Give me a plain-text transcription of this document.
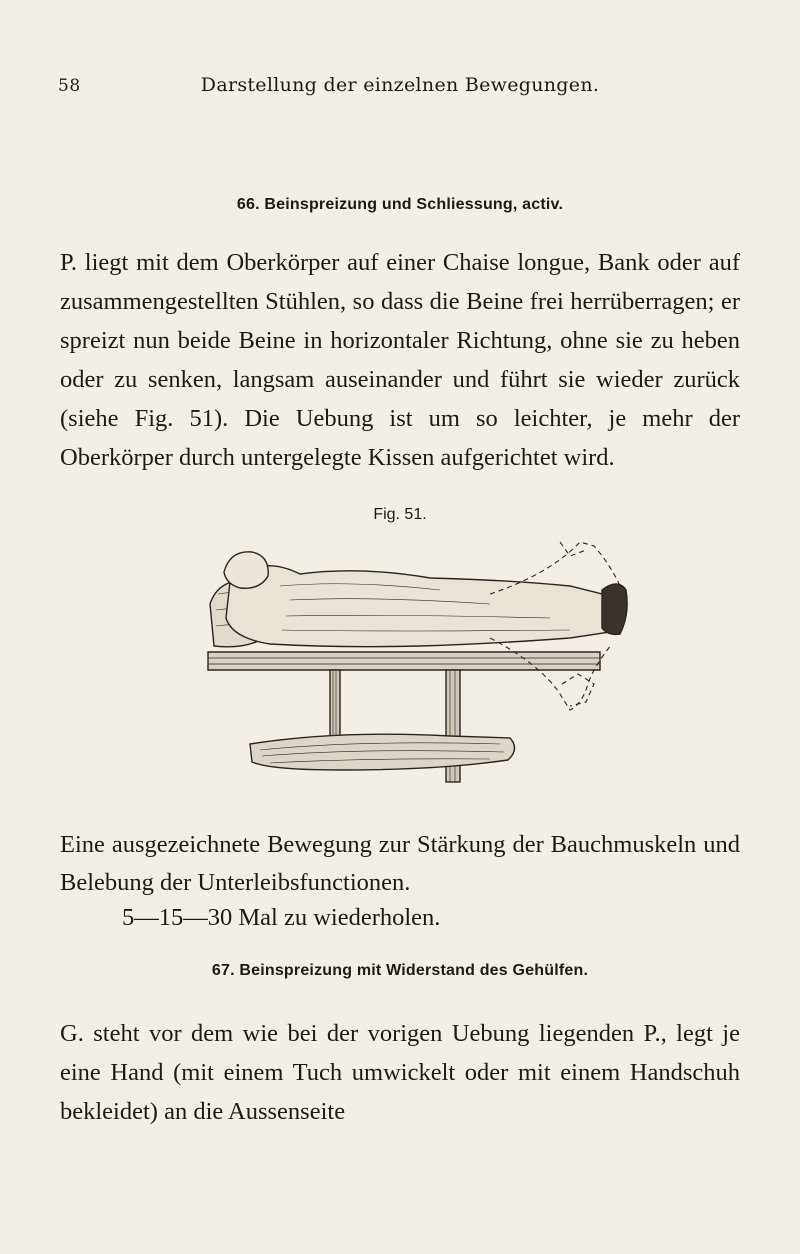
58	Darstellung der einzelnen Bewegungen.
66. Beinspreizung und Schliessung, activ.

P. liegt mit dem Oberkörper auf einer Chaise longue, Bank oder auf zusammengestellten Stühlen, so dass die Beine frei herrüberragen; er spreizt nun beide Beine in horizontaler Richtung, ohne sie zu heben oder zu senken, langsam auseinander und führt sie wieder zurück (siehe Fig. 51). Die Uebung ist um so leichter, je mehr der Oberkörper durch untergelegte Kissen aufgerichtet wird.

Fig. 51.

Eine ausgezeichnete Bewegung zur Stärkung der Bauchmuskeln und Belebung der Unterleibsfunctionen.

5—15—30 Mal zu wiederholen.
67. Beinspreizung mit Widerstand des Gehülfen.

G. steht vor dem wie bei der vorigen Uebung liegenden P., legt je eine Hand (mit einem Tuch umwickelt oder mit einem Handschuh bekleidet) an die Aussenseite
